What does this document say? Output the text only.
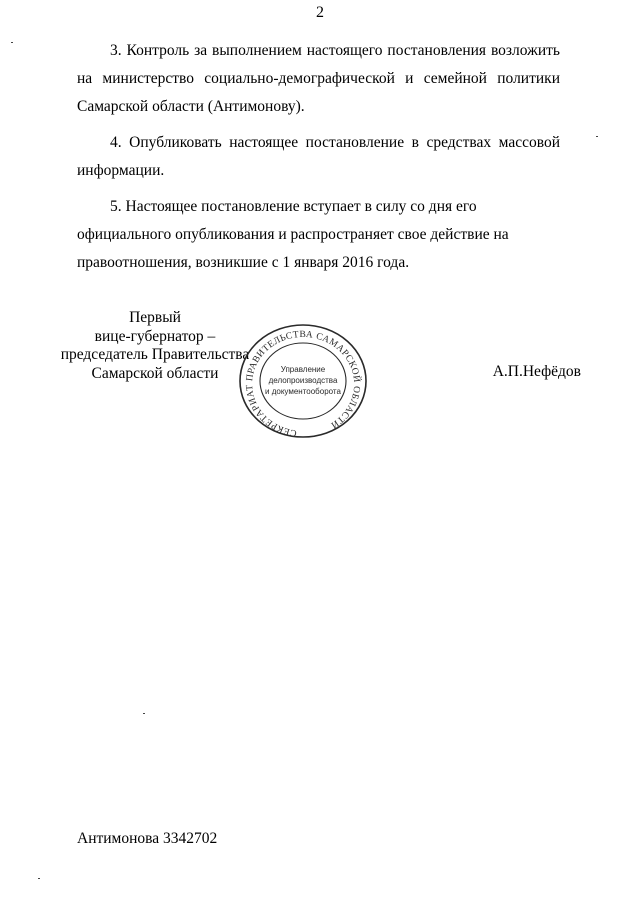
2

3. Контроль за выполнением настоящего постановления возложить на министерство социально-демографической и семейной политики Самарской области (Антимонову).

4. Опубликовать настоящее постановление в средствах массовой информации.

5. Настоящее постановление вступает в силу со дня его официального опубликования и распространяет свое действие на правоотношения, возникшие с 1 января 2016 года.

Первый
вице-губернатор –
председатель Правительства
Самарской области
СЕКРЕТАРИАТ ПРАВИТЕЛЬСТВА САМАРСКОЙ ОБЛАСТИ
Управление
делопроизводства
и документооборота
А.П.Нефёдов
Антимонова 3342702
